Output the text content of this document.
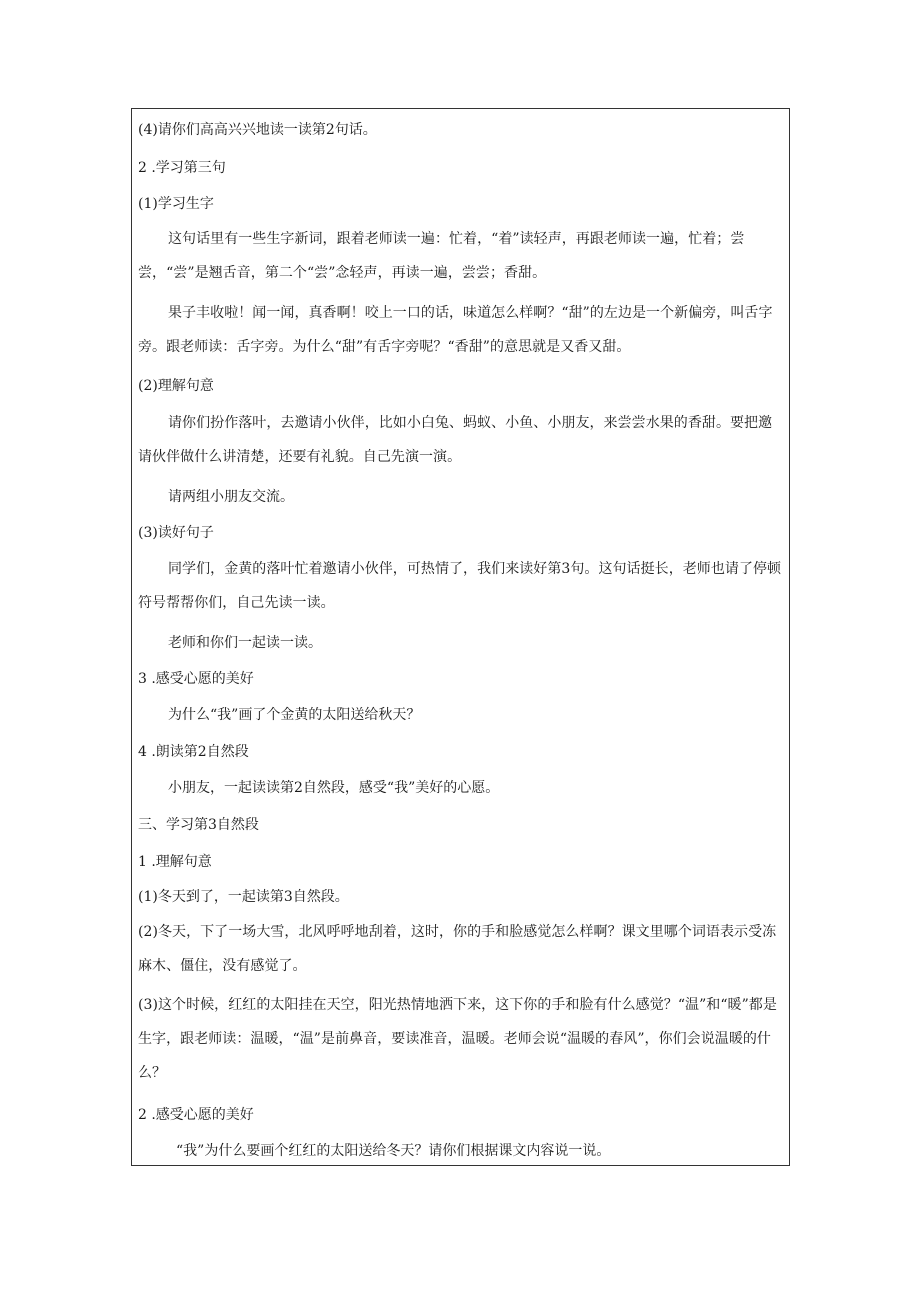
(4)请你们高高兴兴地读一读第2句话。

2 .学习第三句

(1)学习生字

这句话里有一些生字新词，跟着老师读一遍：忙着，“着”读轻声，再跟老师读一遍，忙着；尝尝，“尝”是翘舌音，第二个“尝”念轻声，再读一遍，尝尝；香甜。

果子丰收啦！闻一闻，真香啊！咬上一口的话，味道怎么样啊？“甜”的左边是一个新偏旁，叫舌字旁。跟老师读：舌字旁。为什么“甜”有舌字旁呢？“香甜”的意思就是又香又甜。

(2)理解句意

请你们扮作落叶，去邀请小伙伴，比如小白兔、蚂蚁、小鱼、小朋友，来尝尝水果的香甜。要把邀请伙伴做什么讲清楚，还要有礼貌。自己先演一演。

请两组小朋友交流。

(3)读好句子

同学们，金黄的落叶忙着邀请小伙伴，可热情了，我们来读好第3句。这句话挺长，老师也请了停顿符号帮帮你们，自己先读一读。

老师和你们一起读一读。

3 .感受心愿的美好

为什么“我”画了个金黄的太阳送给秋天？

4 .朗读第2自然段

小朋友，一起读读第2自然段，感受“我”美好的心愿。

三、学习第3自然段

1 .理解句意

(1)冬天到了，一起读第3自然段。

(2)冬天，下了一场大雪，北风呼呼地刮着，这时，你的手和脸感觉怎么样啊？课文里哪个词语表示受冻麻木、僵住，没有感觉了。

(3)这个时候，红红的太阳挂在天空，阳光热情地洒下来，这下你的手和脸有什么感觉？“温”和“暖”都是生字，跟老师读：温暖，“温”是前鼻音，要读准音，温暖。老师会说“温暖的春风”，你们会说温暖的什么？

2 .感受心愿的美好

“我”为什么要画个红红的太阳送给冬天？请你们根据课文内容说一说。
